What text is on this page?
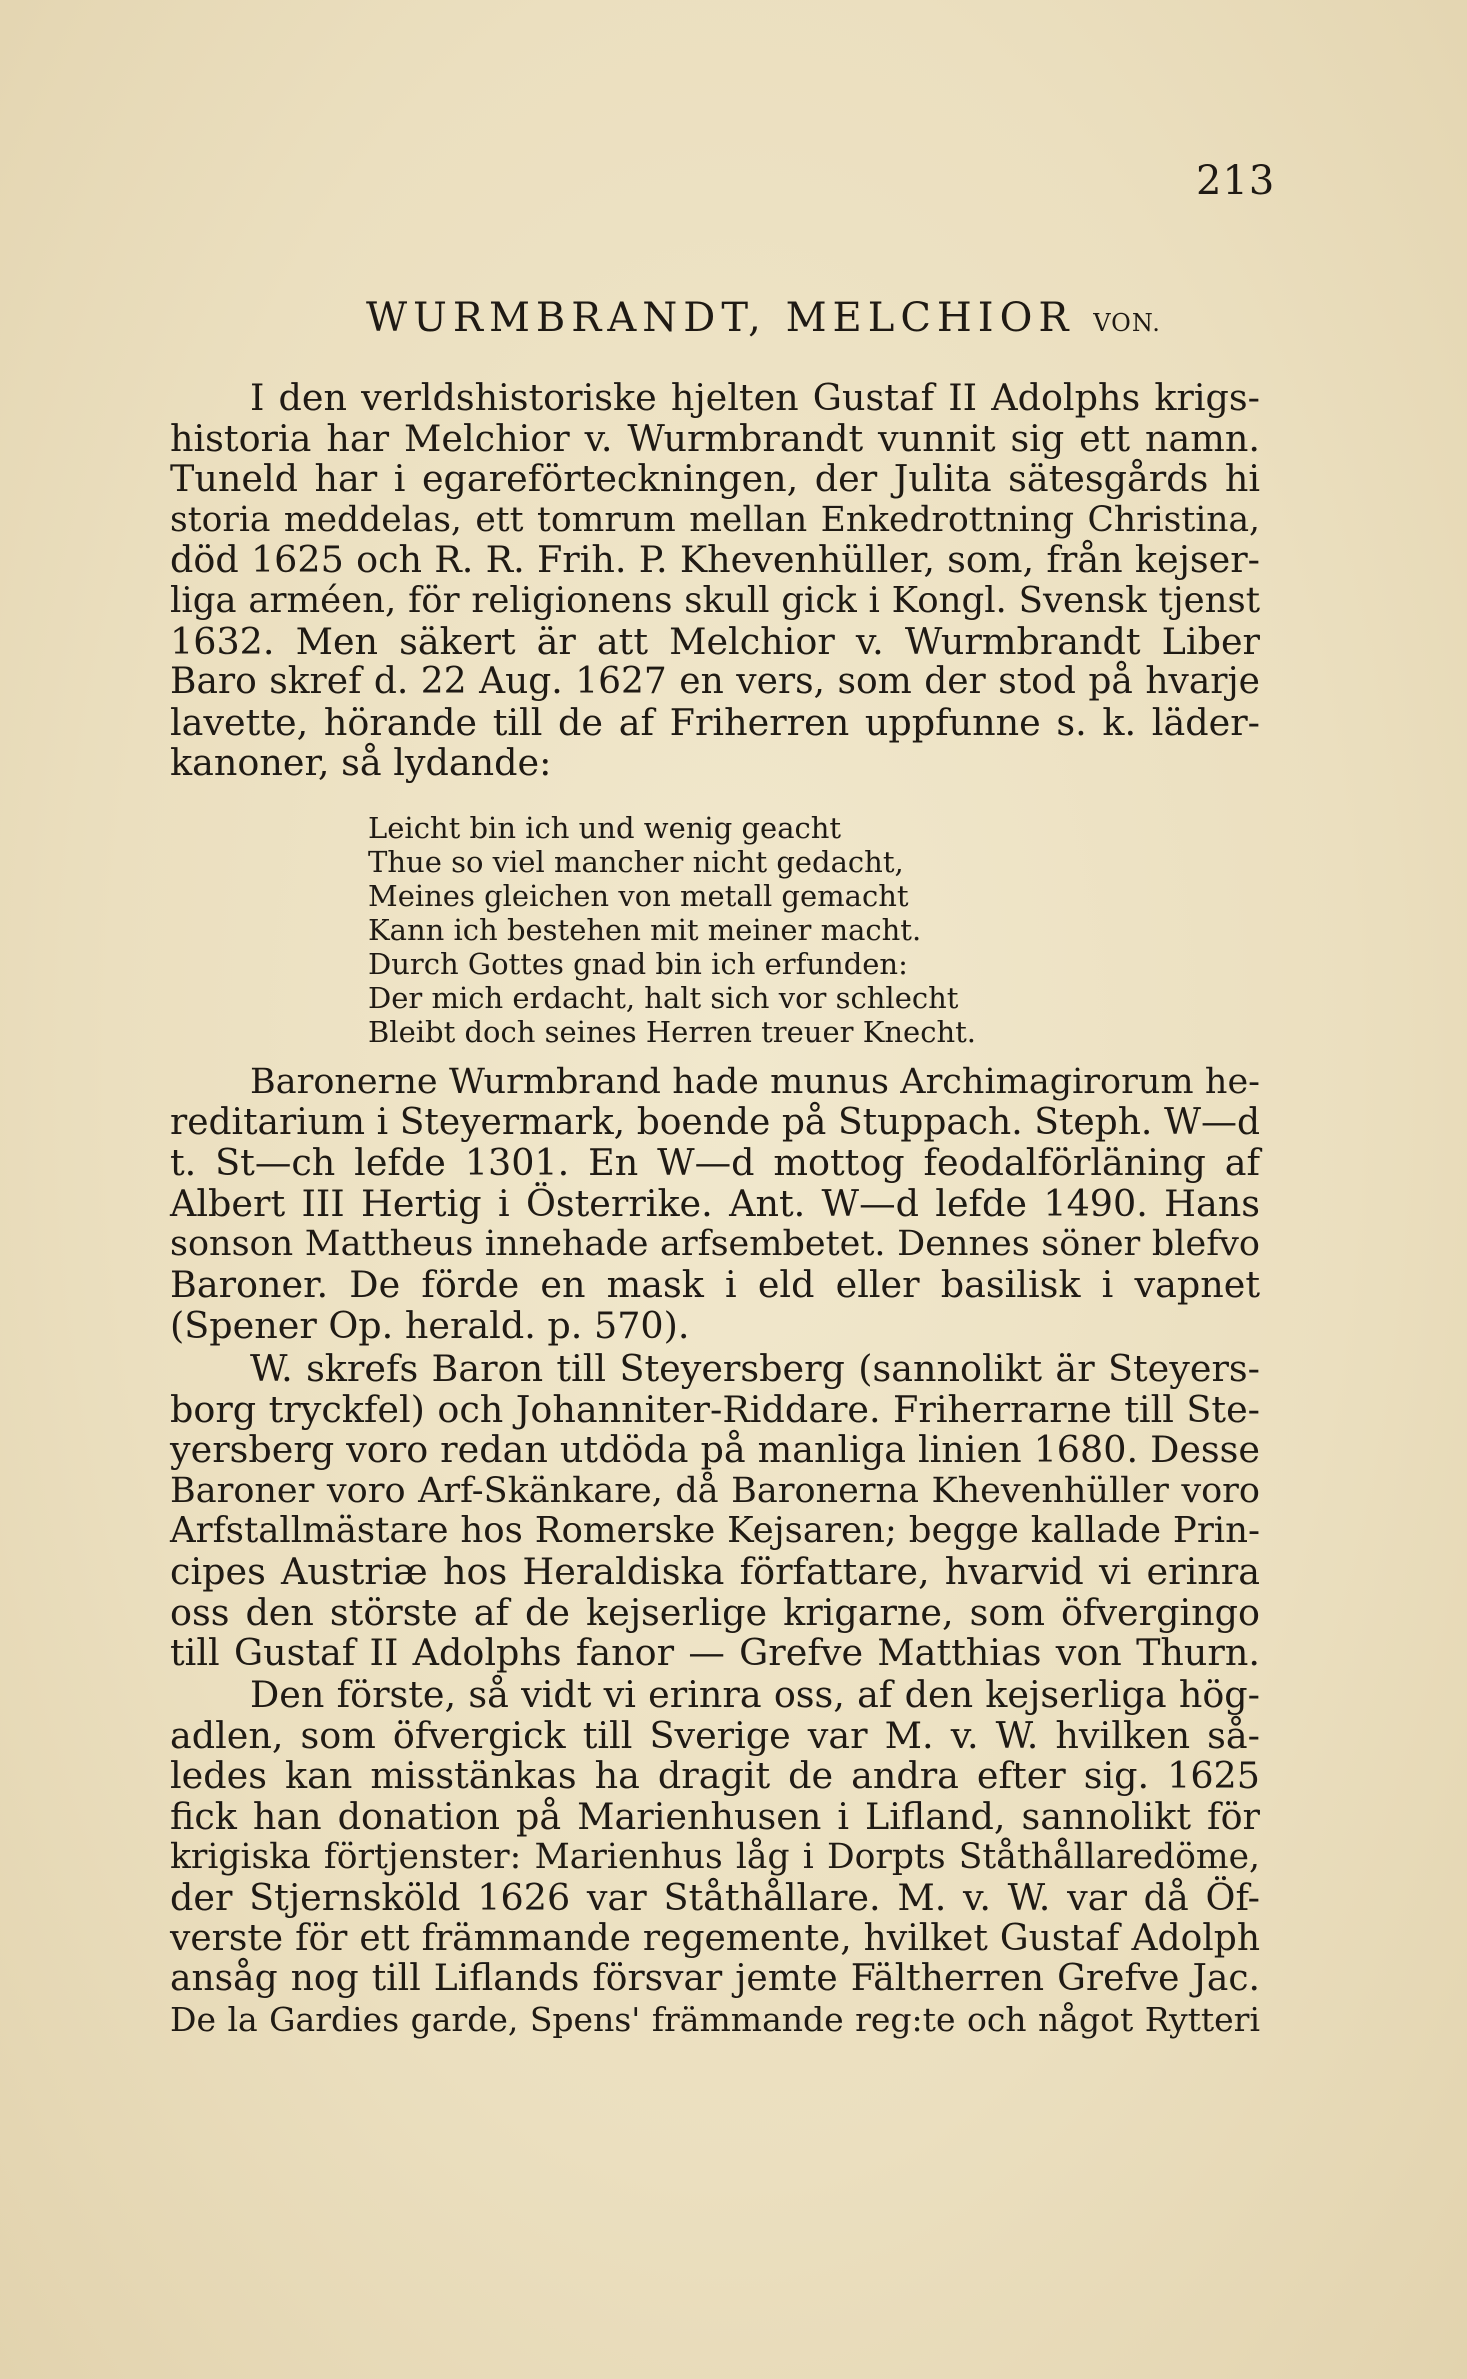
213
WURMBRANDT, MELCHIOR VON.
I den verldshistoriske hjelten Gustaf II Adolphs krigs-
historia har Melchior v. Wurmbrandt vunnit sig ett namn.
Tuneld har i egareförteckningen, der Julita sätesgårds hi
storia meddelas, ett tomrum mellan Enkedrottning Christina,
död 1625 och R. R. Frih. P. Khevenhüller, som, från kejser-
liga arméen, för religionens skull gick i Kongl. Svensk tjenst
1632. Men säkert är att Melchior v. Wurmbrandt Liber
Baro skref d. 22 Aug. 1627 en vers, som der stod på hvarje
lavette, hörande till de af Friherren uppfunne s. k. läder-
kanoner, så lydande:
Leicht bin ich und wenig geacht
Thue so viel mancher nicht gedacht,
Meines gleichen von metall gemacht
Kann ich bestehen mit meiner macht.
Durch Gottes gnad bin ich erfunden:
Der mich erdacht, halt sich vor schlecht
Bleibt doch seines Herren treuer Knecht.
Baronerne Wurmbrand hade munus Archimagirorum he-
reditarium i Steyermark, boende på Stuppach. Steph. W—d
t. St—ch lefde 1301. En W—d mottog feodalförläning af
Albert III Hertig i Österrike. Ant. W—d lefde 1490. Hans
sonson Mattheus innehade arfsembetet. Dennes söner blefvo
Baroner. De förde en mask i eld eller basilisk i vapnet
(Spener Op. herald. p. 570).
W. skrefs Baron till Steyersberg (sannolikt är Steyers-
borg tryckfel) och Johanniter-Riddare. Friherrarne till Ste-
yersberg voro redan utdöda på manliga linien 1680. Desse
Baroner voro Arf-Skänkare, då Baronerna Khevenhüller voro
Arfstallmästare hos Romerske Kejsaren; begge kallade Prin-
cipes Austriæ hos Heraldiska författare, hvarvid vi erinra
oss den störste af de kejserlige krigarne, som öfvergingo
till Gustaf II Adolphs fanor — Grefve Matthias von Thurn.
Den förste, så vidt vi erinra oss, af den kejserliga hög-
adlen, som öfvergick till Sverige var M. v. W. hvilken så-
ledes kan misstänkas ha dragit de andra efter sig. 1625
fick han donation på Marienhusen i Lifland, sannolikt för
krigiska förtjenster: Marienhus låg i Dorpts Ståthållaredöme,
der Stjernsköld 1626 var Ståthållare. M. v. W. var då Öf-
verste för ett främmande regemente, hvilket Gustaf Adolph
ansåg nog till Liflands försvar jemte Fältherren Grefve Jac.
De la Gardies garde, Spens' främmande reg:te och något Rytteri
